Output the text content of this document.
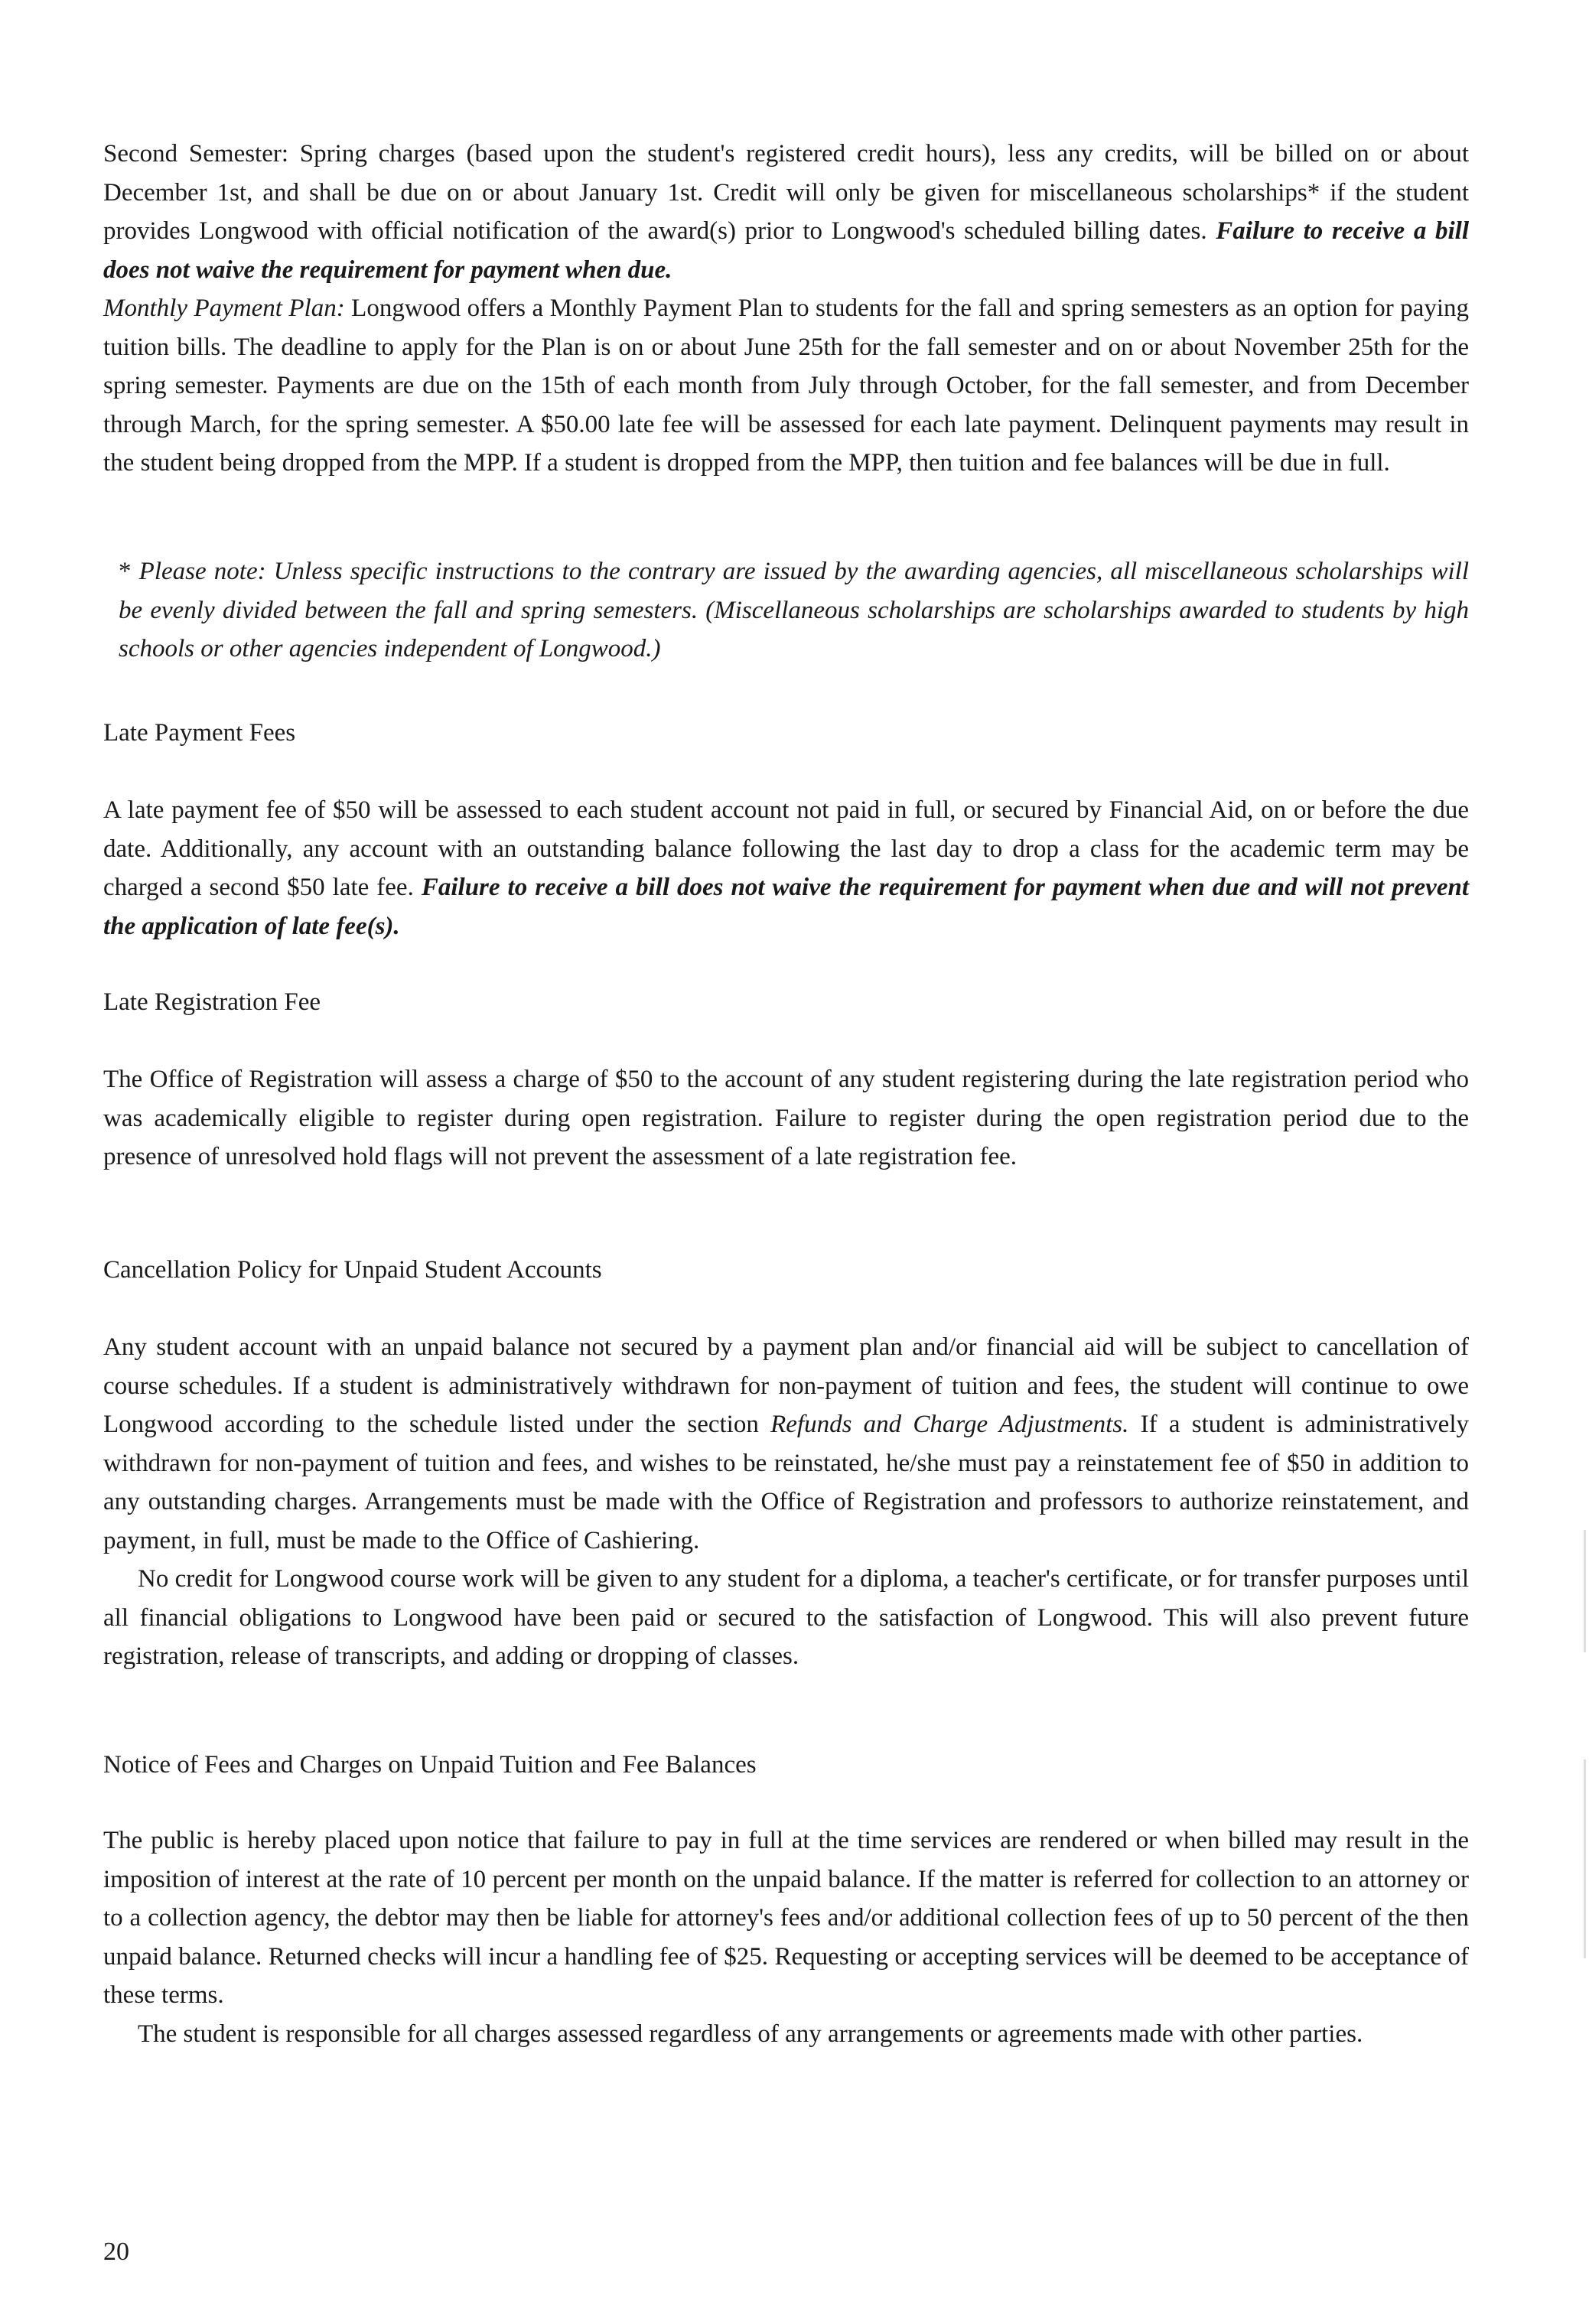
Second Semester: Spring charges (based upon the student's registered credit hours), less any credits, will be billed on or about December 1st, and shall be due on or about January 1st. Credit will only be given for miscellaneous scholarships* if the student provides Longwood with official notification of the award(s) prior to Longwood's scheduled billing dates. Failure to receive a bill does not waive the requirement for payment when due.
Monthly Payment Plan: Longwood offers a Monthly Payment Plan to students for the fall and spring semesters as an option for paying tuition bills. The deadline to apply for the Plan is on or about June 25th for the fall semester and on or about November 25th for the spring semester. Payments are due on the 15th of each month from July through October, for the fall semester, and from December through March, for the spring semester. A $50.00 late fee will be assessed for each late payment. Delinquent payments may result in the student being dropped from the MPP. If a student is dropped from the MPP, then tuition and fee balances will be due in full.
* Please note: Unless specific instructions to the contrary are issued by the awarding agencies, all miscellaneous scholarships will be evenly divided between the fall and spring semesters. (Miscellaneous scholarships are scholarships awarded to students by high schools or other agencies independent of Longwood.)
Late Payment Fees
A late payment fee of $50 will be assessed to each student account not paid in full, or secured by Financial Aid, on or before the due date. Additionally, any account with an outstanding balance following the last day to drop a class for the academic term may be charged a second $50 late fee. Failure to receive a bill does not waive the requirement for payment when due and will not prevent the application of late fee(s).
Late Registration Fee
The Office of Registration will assess a charge of $50 to the account of any student registering during the late registration period who was academically eligible to register during open registration. Failure to register during the open registration period due to the presence of unresolved hold flags will not prevent the assessment of a late registration fee.
Cancellation Policy for Unpaid Student Accounts
Any student account with an unpaid balance not secured by a payment plan and/or financial aid will be subject to cancellation of course schedules. If a student is administratively withdrawn for non-payment of tuition and fees, the student will continue to owe Longwood according to the schedule listed under the section Refunds and Charge Adjustments. If a student is administratively withdrawn for non-payment of tuition and fees, and wishes to be reinstated, he/she must pay a reinstatement fee of $50 in addition to any outstanding charges. Arrangements must be made with the Office of Registration and professors to authorize reinstatement, and payment, in full, must be made to the Office of Cashiering.
No credit for Longwood course work will be given to any student for a diploma, a teacher's certificate, or for transfer purposes until all financial obligations to Longwood have been paid or secured to the satisfaction of Longwood. This will also prevent future registration, release of transcripts, and adding or dropping of classes.
Notice of Fees and Charges on Unpaid Tuition and Fee Balances
The public is hereby placed upon notice that failure to pay in full at the time services are rendered or when billed may result in the imposition of interest at the rate of 10 percent per month on the unpaid balance. If the matter is referred for collection to an attorney or to a collection agency, the debtor may then be liable for attorney's fees and/or additional collection fees of up to 50 percent of the then unpaid balance. Returned checks will incur a handling fee of $25. Requesting or accepting services will be deemed to be acceptance of these terms.
The student is responsible for all charges assessed regardless of any arrangements or agreements made with other parties.
20
